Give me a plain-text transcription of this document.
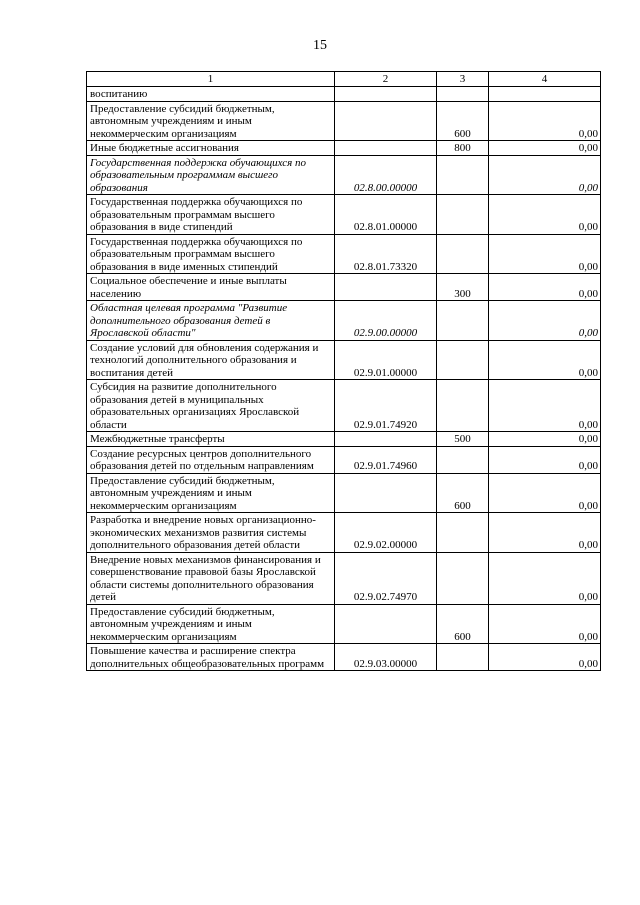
15
1	2	3	4
воспитанию			
Предоставление субсидий бюджетным, автономным учреждениям и иным некоммерческим организациям		600	0,00
Иные бюджетные ассигнования		800	0,00
Государственная поддержка обучающихся по образовательным программам высшего образования	02.8.00.00000		0,00
Государственная поддержка обучающихся по образовательным программам высшего образования в виде стипендий	02.8.01.00000		0,00
Государственная поддержка обучающихся по образовательным программам высшего образования в виде именных стипендий	02.8.01.73320		0,00
Социальное обеспечение и иные выплаты населению		300	0,00
Областная целевая программа "Развитие дополнительного образования детей в Ярославской области"	02.9.00.00000		0,00
Создание условий для обновления содержания и технологий дополнительного образования и воспитания детей	02.9.01.00000		0,00
Субсидия на развитие дополнительного образования детей в муниципальных образовательных организациях Ярославской области	02.9.01.74920		0,00
Межбюджетные трансферты		500	0,00
Создание ресурсных центров дополнительного образования детей по отдельным направлениям	02.9.01.74960		0,00
Предоставление субсидий бюджетным, автономным учреждениям и иным некоммерческим организациям		600	0,00
Разработка и внедрение новых организационно-экономических механизмов развития системы дополнительного образования детей области	02.9.02.00000		0,00
Внедрение новых механизмов финансирования и совершенствование правовой базы Ярославской области системы дополнительного образования детей	02.9.02.74970		0,00
Предоставление субсидий бюджетным, автономным учреждениям и иным некоммерческим организациям		600	0,00
Повышение качества и расширение спектра дополнительных общеобразовательных программ	02.9.03.00000		0,00
